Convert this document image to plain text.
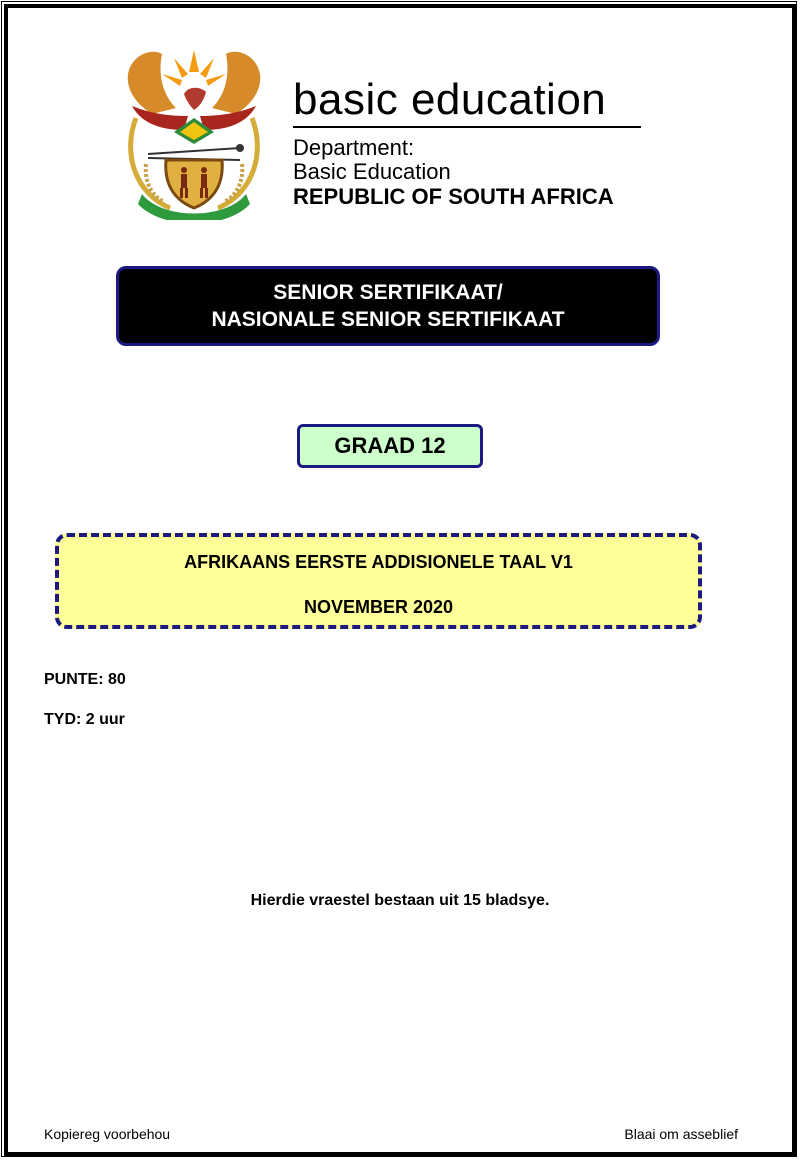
basic education
Department:
Basic Education
REPUBLIC OF SOUTH AFRICA
SENIOR SERTIFIKAAT/
NASIONALE SENIOR SERTIFIKAAT
GRAAD 12
AFRIKAANS EERSTE ADDISIONELE TAAL V1
NOVEMBER 2020
PUNTE: 80
TYD: 2 uur
Hierdie vraestel bestaan uit 15 bladsye.
Kopiereg voorbehou	Blaai om asseblief
